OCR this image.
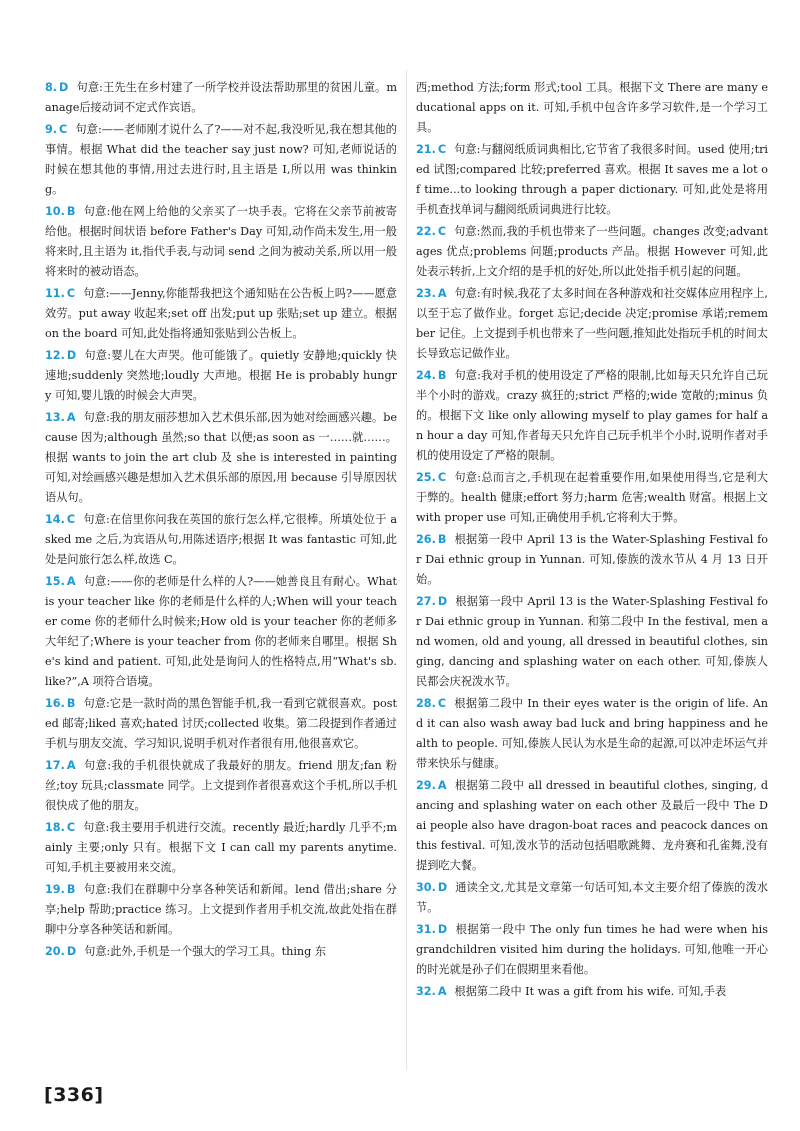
8. D 句意:王先生在乡村建了一所学校并设法帮助那里的贫困儿童。manage后接动词不定式作宾语。
9. C 句意:——老师刚才说什么了?——对不起,我没听见,我在想其他的事情。根据 What did the teacher say just now? 可知,老师说话的时候在想其他的事情,用过去进行时,且主语是 I,所以用 was thinking。
10. B 句意:他在网上给他的父亲买了一块手表。它将在父亲节前被寄给他。根据时间状语 before Father's Day 可知,动作尚未发生,用一般将来时,且主语为 it,指代手表,与动词 send 之间为被动关系,所以用一般将来时的被动语态。
11. C 句意:——Jenny,你能帮我把这个通知贴在公告板上吗?——愿意效劳。put away 收起来;set off 出发;put up 张贴;set up 建立。根据 on the board 可知,此处指将通知张贴到公告板上。
12. D 句意:婴儿在大声哭。他可能饿了。quietly 安静地;quickly 快速地;suddenly 突然地;loudly 大声地。根据 He is probably hungry 可知,婴儿饿的时候会大声哭。
13. A 句意:我的朋友丽莎想加入艺术俱乐部,因为她对绘画感兴趣。because 因为;although 虽然;so that 以便;as soon as 一……就……。根据 wants to join the art club 及 she is interested in painting 可知,对绘画感兴趣是想加入艺术俱乐部的原因,用 because 引导原因状语从句。
14. C 句意:在信里你问我在英国的旅行怎么样,它很棒。所填处位于 asked me 之后,为宾语从句,用陈述语序;根据 It was fantastic 可知,此处是问旅行怎么样,故选 C。
15. A 句意:——你的老师是什么样的人?——她善良且有耐心。What is your teacher like 你的老师是什么样的人;When will your teacher come 你的老师什么时候来;How old is your teacher 你的老师多大年纪了;Where is your teacher from 你的老师来自哪里。根据 She's kind and patient. 可知,此处是询问人的性格特点,用“What's sb. like?”,A 项符合语境。
16. B 句意:它是一款时尚的黑色智能手机,我一看到它就很喜欢。posted 邮寄;liked 喜欢;hated 讨厌;collected 收集。第二段提到作者通过手机与朋友交流、学习知识,说明手机对作者很有用,他很喜欢它。
17. A 句意:我的手机很快就成了我最好的朋友。friend 朋友;fan 粉丝;toy 玩具;classmate 同学。上文提到作者很喜欢这个手机,所以手机很快成了他的朋友。
18. C 句意:我主要用手机进行交流。recently 最近;hardly 几乎不;mainly 主要;only 只有。根据下文 I can call my parents anytime. 可知,手机主要被用来交流。
19. B 句意:我们在群聊中分享各种笑话和新闻。lend 借出;share 分享;help 帮助;practice 练习。上文提到作者用手机交流,故此处指在群聊中分享各种笑话和新闻。
20. D 句意:此外,手机是一个强大的学习工具。thing 东
西;method 方法;form 形式;tool 工具。根据下文 There are many educational apps on it. 可知,手机中包含许多学习软件,是一个学习工具。
21. C 句意:与翻阅纸质词典相比,它节省了我很多时间。used 使用;tried 试图;compared 比较;preferred 喜欢。根据 It saves me a lot of time...to looking through a paper dictionary. 可知,此处是将用手机查找单词与翻阅纸质词典进行比较。
22. C 句意:然而,我的手机也带来了一些问题。changes 改变;advantages 优点;problems 问题;products 产品。根据 However 可知,此处表示转折,上文介绍的是手机的好处,所以此处指手机引起的问题。
23. A 句意:有时候,我花了太多时间在各种游戏和社交媒体应用程序上,以至于忘了做作业。forget 忘记;decide 决定;promise 承诺;remember 记住。上文提到手机也带来了一些问题,推知此处指玩手机的时间太长导致忘记做作业。
24. B 句意:我对手机的使用设定了严格的限制,比如每天只允许自己玩半个小时的游戏。crazy 疯狂的;strict 严格的;wide 宽敞的;minus 负的。根据下文 like only allowing myself to play games for half an hour a day 可知,作者每天只允许自己玩手机半个小时,说明作者对手机的使用设定了严格的限制。
25. C 句意:总而言之,手机现在起着重要作用,如果使用得当,它是利大于弊的。health 健康;effort 努力;harm 危害;wealth 财富。根据上文 with proper use 可知,正确使用手机,它将利大于弊。
26. B 根据第一段中 April 13 is the Water-Splashing Festival for Dai ethnic group in Yunnan. 可知,傣族的泼水节从 4 月 13 日开始。
27. D 根据第一段中 April 13 is the Water-Splashing Festival for Dai ethnic group in Yunnan. 和第二段中 In the festival, men and women, old and young, all dressed in beautiful clothes, singing, dancing and splashing water on each other. 可知,傣族人民都会庆祝泼水节。
28. C 根据第二段中 In their eyes water is the origin of life. And it can also wash away bad luck and bring happiness and health to people. 可知,傣族人民认为水是生命的起源,可以冲走坏运气并带来快乐与健康。
29. A 根据第二段中 all dressed in beautiful clothes, singing, dancing and splashing water on each other 及最后一段中 The Dai people also have dragon-boat races and peacock dances on this festival. 可知,泼水节的活动包括唱歌跳舞、龙舟赛和孔雀舞,没有提到吃大餐。
30. D 通读全文,尤其是文章第一句话可知,本文主要介绍了傣族的泼水节。
31. D 根据第一段中 The only fun times he had were when his grandchildren visited him during the holidays. 可知,他唯一开心的时光就是孙子们在假期里来看他。
32. A 根据第二段中 It was a gift from his wife. 可知,手表
[336]
